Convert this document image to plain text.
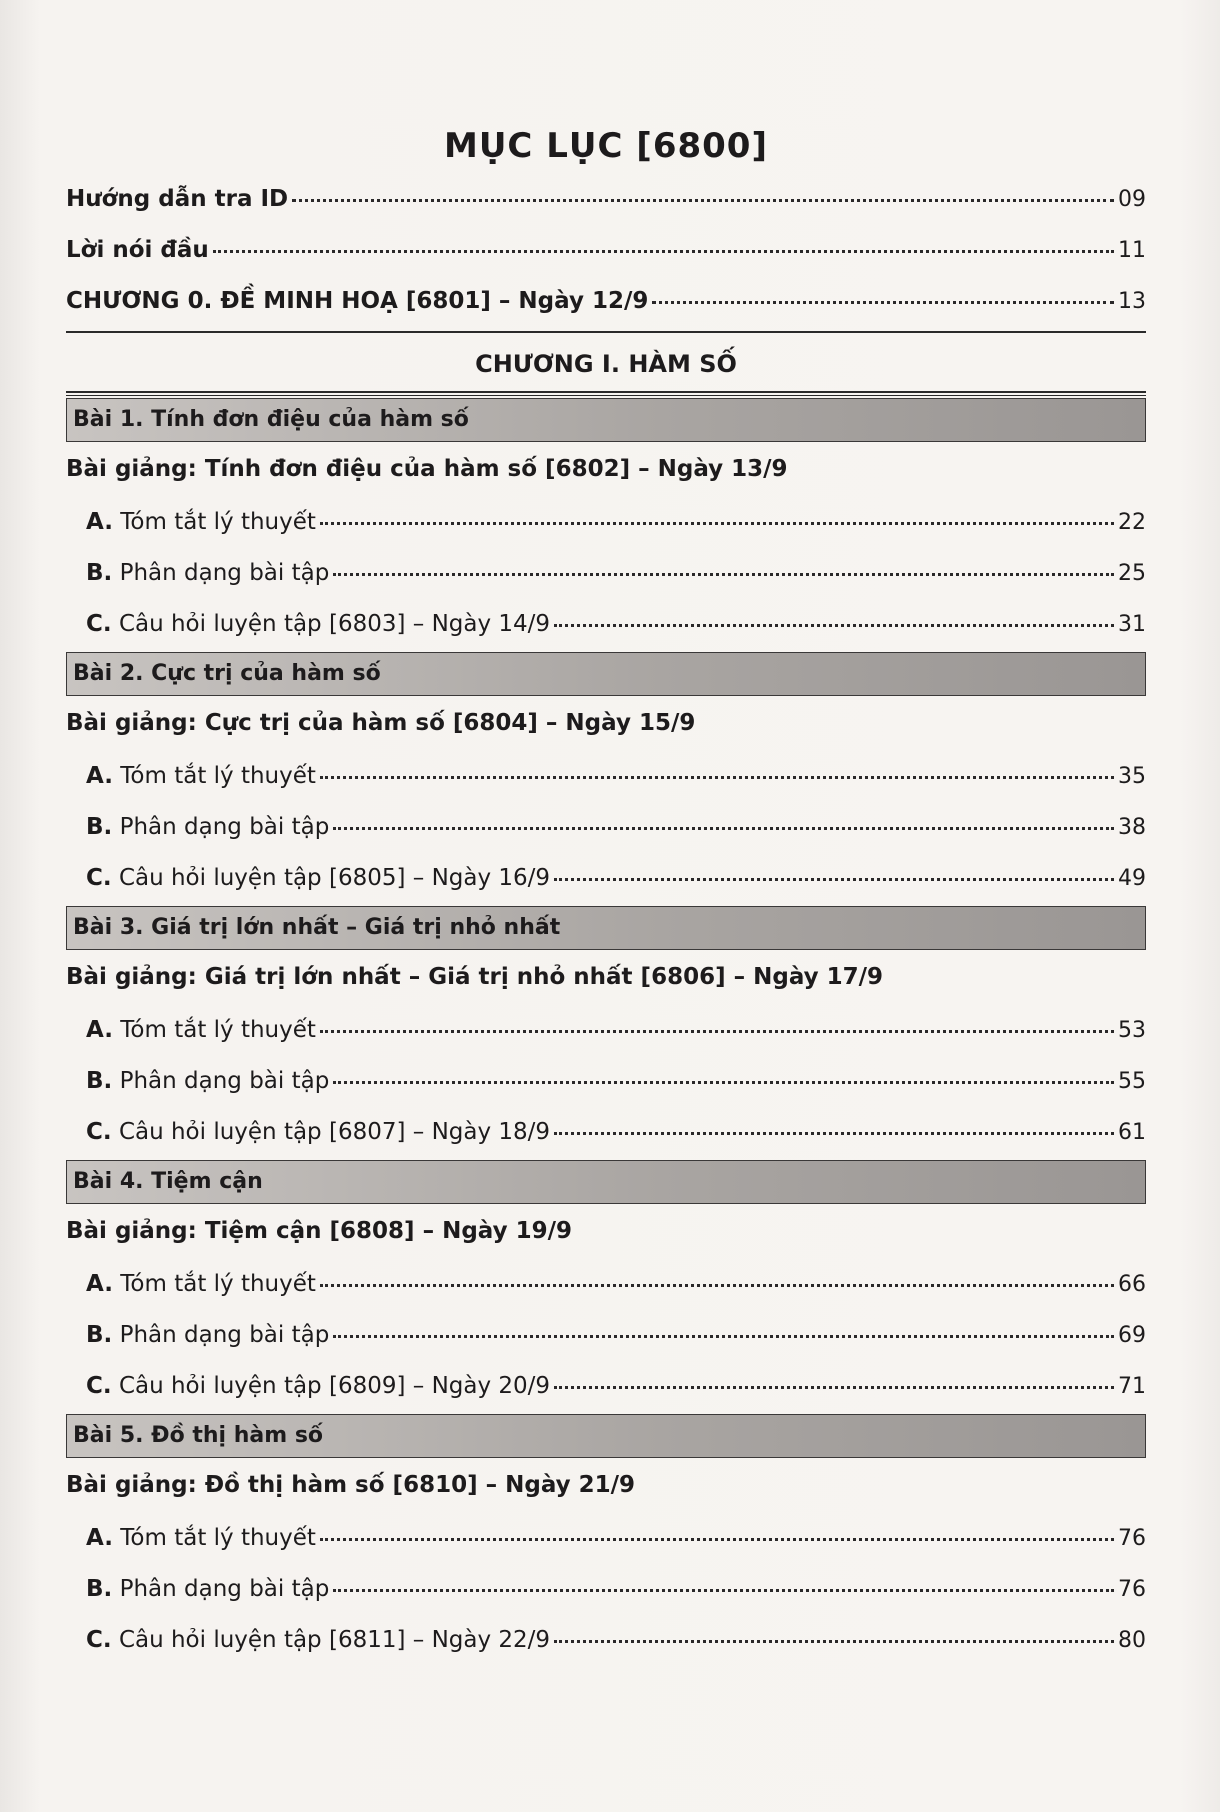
MỤC LỤC [6800]
Hướng dẫn tra ID	09
Lời nói đầu	11
CHƯƠNG 0. ĐỀ MINH HOẠ [6801] – Ngày 12/9	13
CHƯƠNG I. HÀM SỐ
Bài 1. Tính đơn điệu của hàm số
Bài giảng: Tính đơn điệu của hàm số [6802] – Ngày 13/9
A. Tóm tắt lý thuyết	22
B. Phân dạng bài tập	25
C. Câu hỏi luyện tập [6803] – Ngày 14/9	31
Bài 2. Cực trị của hàm số
Bài giảng: Cực trị của hàm số [6804] – Ngày 15/9
A. Tóm tắt lý thuyết	35
B. Phân dạng bài tập	38
C. Câu hỏi luyện tập [6805] – Ngày 16/9	49
Bài 3. Giá trị lớn nhất – Giá trị nhỏ nhất
Bài giảng: Giá trị lớn nhất – Giá trị nhỏ nhất [6806] – Ngày 17/9
A. Tóm tắt lý thuyết	53
B. Phân dạng bài tập	55
C. Câu hỏi luyện tập [6807] – Ngày 18/9	61
Bài 4. Tiệm cận
Bài giảng: Tiệm cận [6808] – Ngày 19/9
A. Tóm tắt lý thuyết	66
B. Phân dạng bài tập	69
C. Câu hỏi luyện tập [6809] – Ngày 20/9	71
Bài 5. Đồ thị hàm số
Bài giảng: Đồ thị hàm số [6810] – Ngày 21/9
A. Tóm tắt lý thuyết	76
B. Phân dạng bài tập	76
C. Câu hỏi luyện tập [6811] – Ngày 22/9	80
